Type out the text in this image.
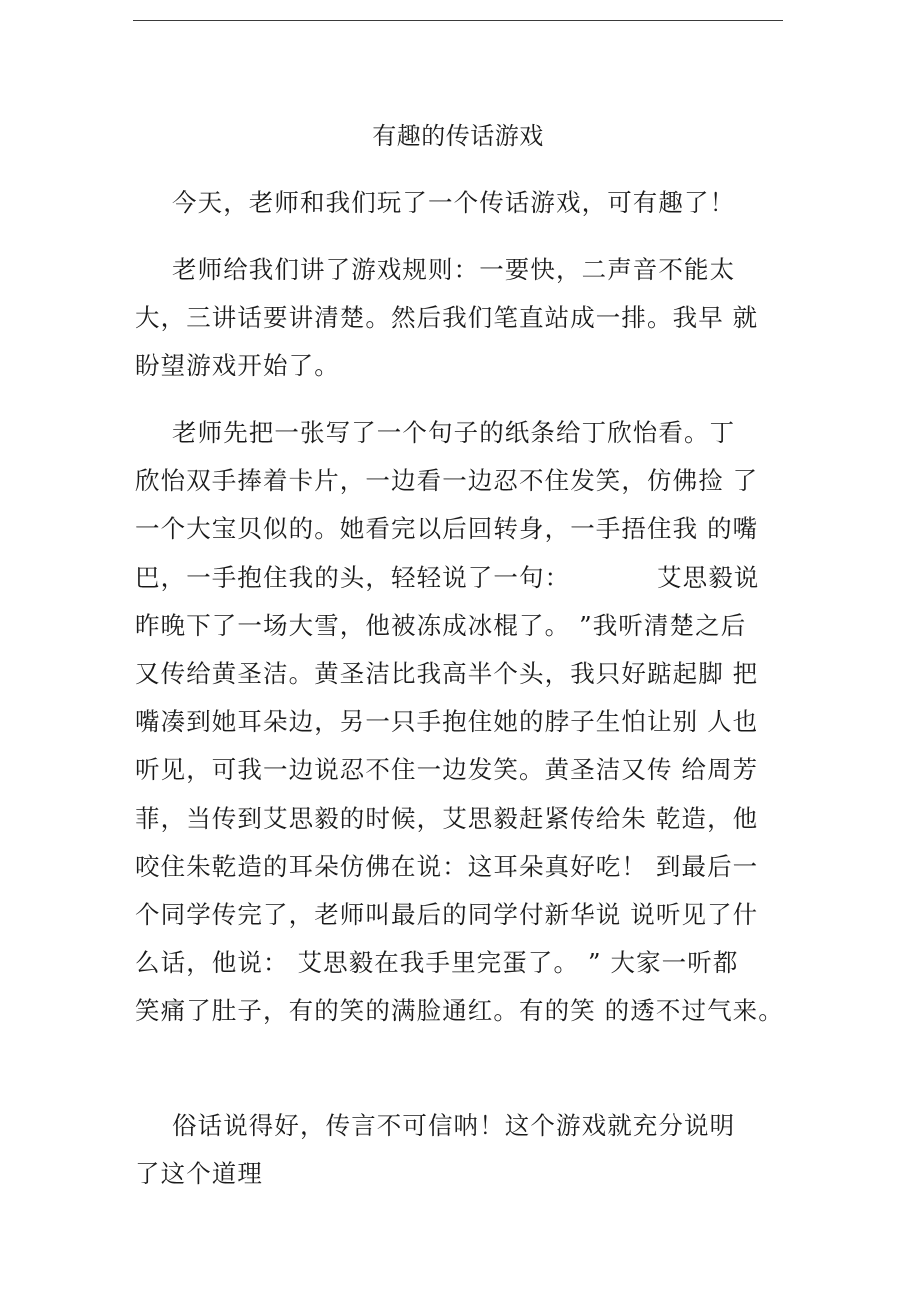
有趣的传话游戏
今天，老师和我们玩了一个传话游戏，可有趣了！
老师给我们讲了游戏规则：一要快，二声音不能太
大，三讲话要讲清楚。然后我们笔直站成一排。我早 就
盼望游戏开始了。
老师先把一张写了一个句子的纸条给丁欣怡看。丁
欣怡双手捧着卡片，一边看一边忍不住发笑，仿佛捡 了
一个大宝贝似的。她看完以后回转身，一手捂住我 的嘴
巴，一手抱住我的头，轻轻说了一句：	艾思毅说
昨晚下了一场大雪，他被冻成冰棍了。 ”我听清楚之后
又传给黄圣洁。黄圣洁比我高半个头，我只好踮起脚 把
嘴凑到她耳朵边，另一只手抱住她的脖子生怕让别 人也
听见，可我一边说忍不住一边发笑。黄圣洁又传 给周芳
菲，当传到艾思毅的时候，艾思毅赶紧传给朱 乾造，他
咬住朱乾造的耳朵仿佛在说：这耳朵真好吃！ 到最后一
个同学传完了，老师叫最后的同学付新华说 说听见了什
么话，他说： 艾思毅在我手里完蛋了。 ” 大家一听都
笑痛了肚子，有的笑的满脸通红。有的笑 的透不过气来。
俗话说得好，传言不可信呐！这个游戏就充分说明
了这个道理
